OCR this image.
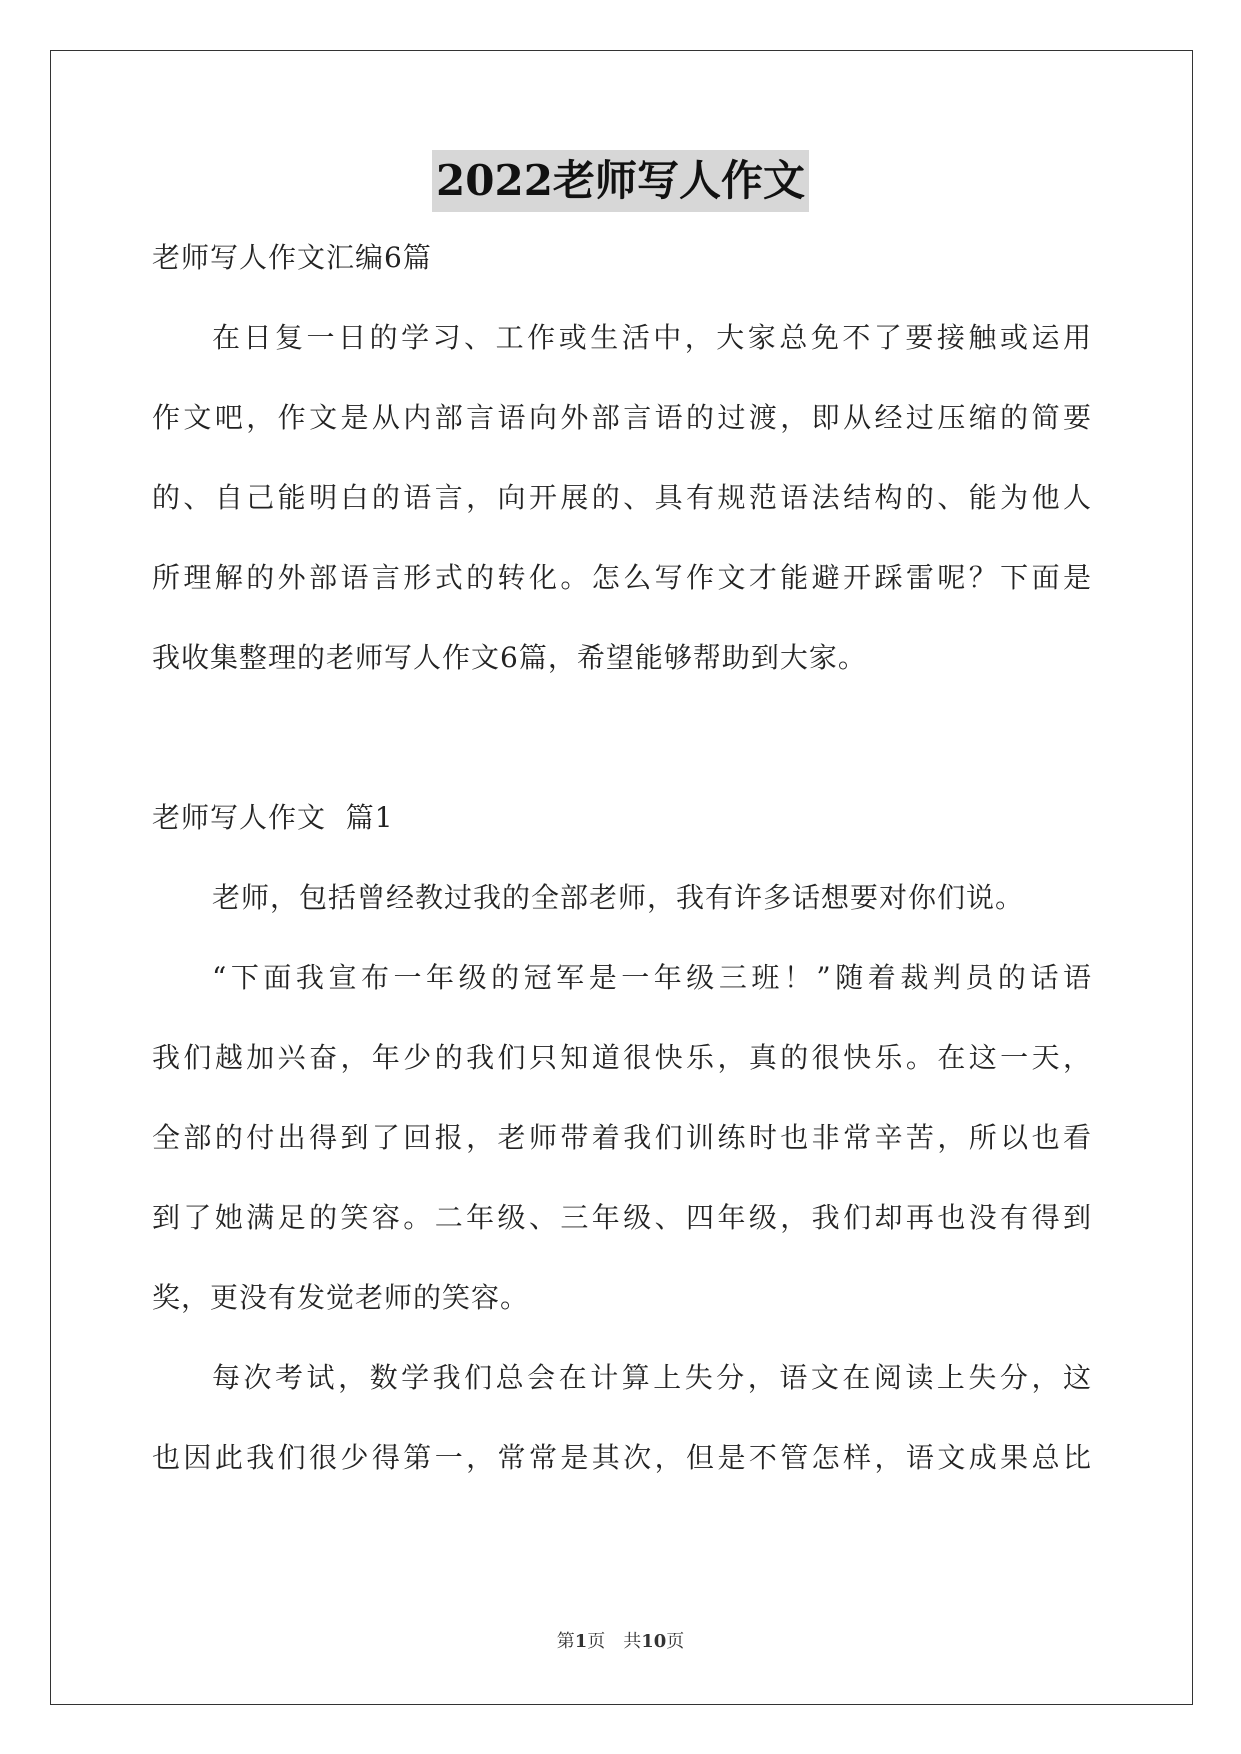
2022老师写人作文
老师写人作文汇编6篇
在日复一日的学习、工作或生活中，大家总免不了要接触或运用
作文吧，作文是从内部言语向外部言语的过渡，即从经过压缩的简要
的、自己能明白的语言，向开展的、具有规范语法结构的、能为他人
所理解的外部语言形式的转化。怎么写作文才能避开踩雷呢？下面是
我收集整理的老师写人作文6篇，希望能够帮助到大家。
老师写人作文  篇1
老师，包括曾经教过我的全部老师，我有许多话想要对你们说。
“下面我宣布一年级的冠军是一年级三班！”随着裁判员的话语
我们越加兴奋，年少的我们只知道很快乐，真的很快乐。在这一天，
全部的付出得到了回报，老师带着我们训练时也非常辛苦，所以也看
到了她满足的笑容。二年级、三年级、四年级，我们却再也没有得到
奖，更没有发觉老师的笑容。
每次考试，数学我们总会在计算上失分，语文在阅读上失分，这
也因此我们很少得第一，常常是其次，但是不管怎样，语文成果总比
第1页 共10页
